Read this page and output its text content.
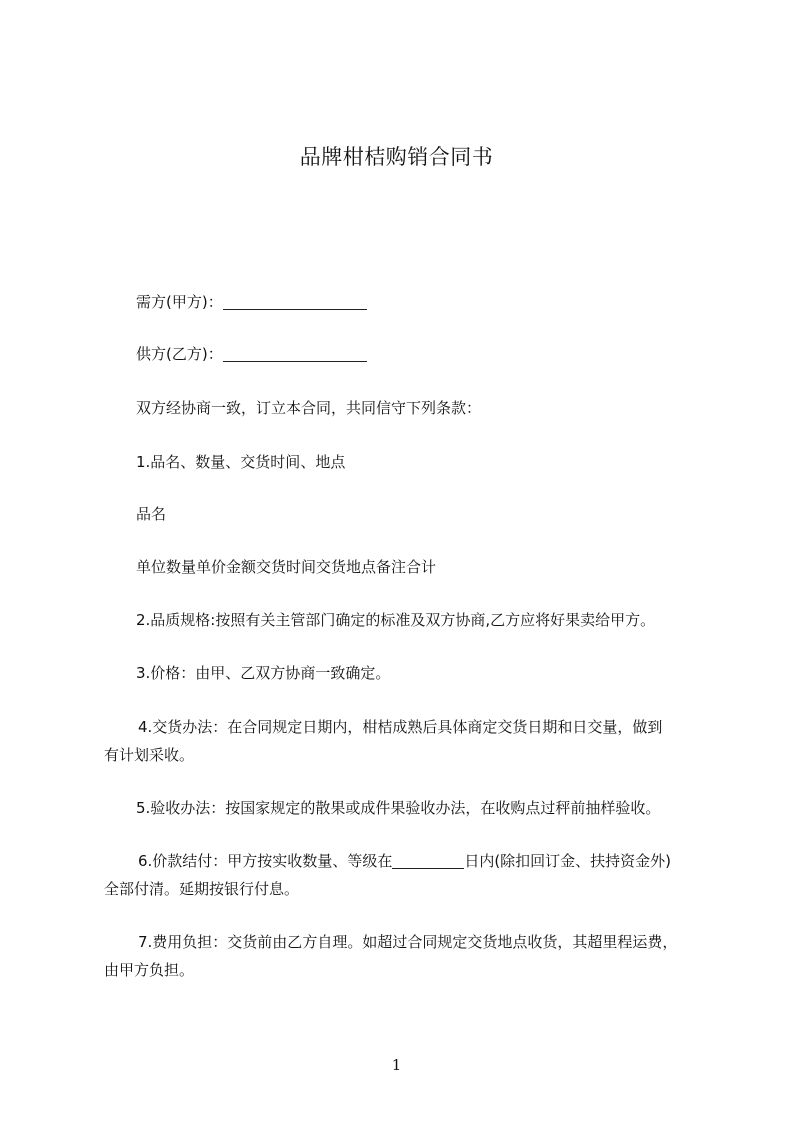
品牌柑桔购销合同书
需方(甲方)：
供方(乙方)：
双方经协商一致，订立本合同，共同信守下列条款：
1.品名、数量、交货时间、地点
品名
单位数量单价金额交货时间交货地点备注合计
2.品质规格:按照有关主管部门确定的标准及双方协商,乙方应将好果卖给甲方。
3.价格：由甲、乙双方协商一致确定。
4.交货办法：在合同规定日期内，柑桔成熟后具体商定交货日期和日交量，做到
有计划采收。
5.验收办法：按国家规定的散果或成件果验收办法，在收购点过秤前抽样验收。
6.价款结付：甲方按实收数量、等级在	日内(除扣回订金、扶持资金外)
全部付清。延期按银行付息。
7.费用负担：交货前由乙方自理。如超过合同规定交货地点收货，其超里程运费，
由甲方负担。
1
